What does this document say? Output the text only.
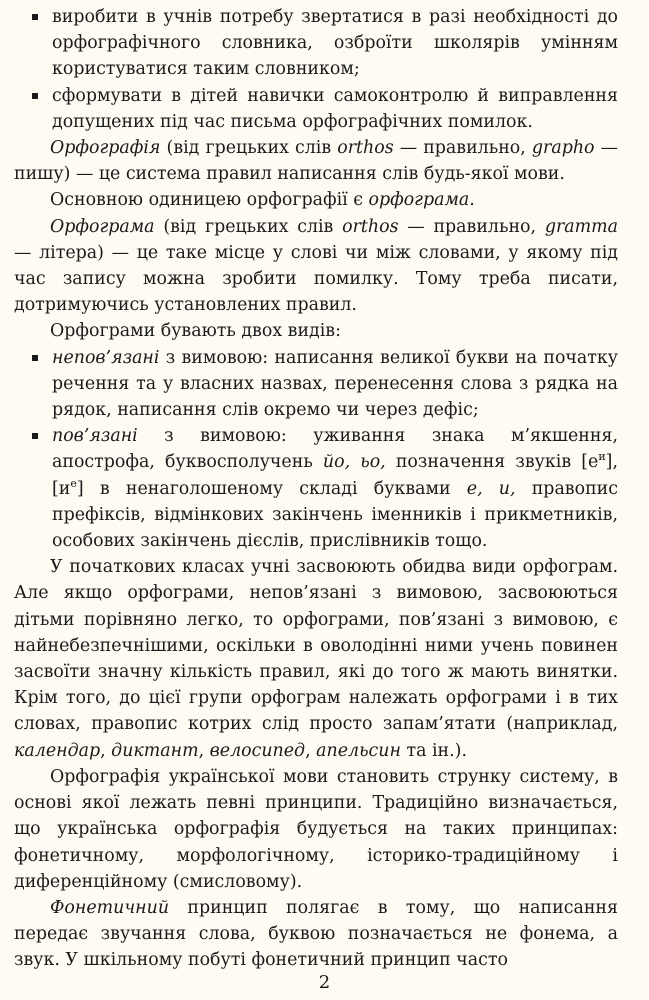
виробити в учнів потребу звертатися в разі необхідності до орфографічного словника, озброїти школярів умінням користуватися таким словником;

сформувати в дітей навички самоконтролю й виправлення допущених під час письма орфографічних помилок.

Орфографія (від грецьких слів orthos — правильно, grapho — пишу) — це система правил написання слів будь-якої мови.

Основною одиницею орфографії є орфограма.

Орфограма (від грецьких слів orthos — правильно, gramma — літера) — це таке місце у слові чи між словами, у якому під час запису можна зробити помилку. Тому треба писати, дотримуючись установлених правил.

Орфограми бувають двох видів:

непов’язані з вимовою: написання великої букви на початку речення та у власних назвах, перенесення слова з рядка на рядок, написання слів окремо чи через дефіс;

пов’язані з вимовою: уживання знака м’якшення, апострофа, буквосполучень йо, ьо, позначення звуків $[е^и]$, $[и^е]$ в ненаголошеному складі буквами е, и, правопис префіксів, відмінкових закінчень іменників і прикметників, особових закінчень дієслів, прислівників тощо.

У початкових класах учні засвоюють обидва види орфограм. Але якщо орфограми, непов’язані з вимовою, засвоюються дітьми порівняно легко, то орфограми, пов’язані з вимовою, є найнебезпечнішими, оскільки в оволодінні ними учень повинен засвоїти значну кількість правил, які до того ж мають винятки. Крім того, до цієї групи орфограм належать орфограми і в тих словах, правопис котрих слід просто запам’ятати (наприклад, календар, диктант, велосипед, апельсин та ін.).

Орфографія української мови становить струнку систему, в основі якої лежать певні принципи. Традиційно визначається, що українська орфографія будується на таких принципах: фонетичному, морфологічному, історико-традиційному і диференційному (смисловому).

Фонетичний принцип полягає в тому, що написання передає звучання слова, буквою позначається не фонема, а звук. У шкільному побуті фонетичний принцип часто

2
